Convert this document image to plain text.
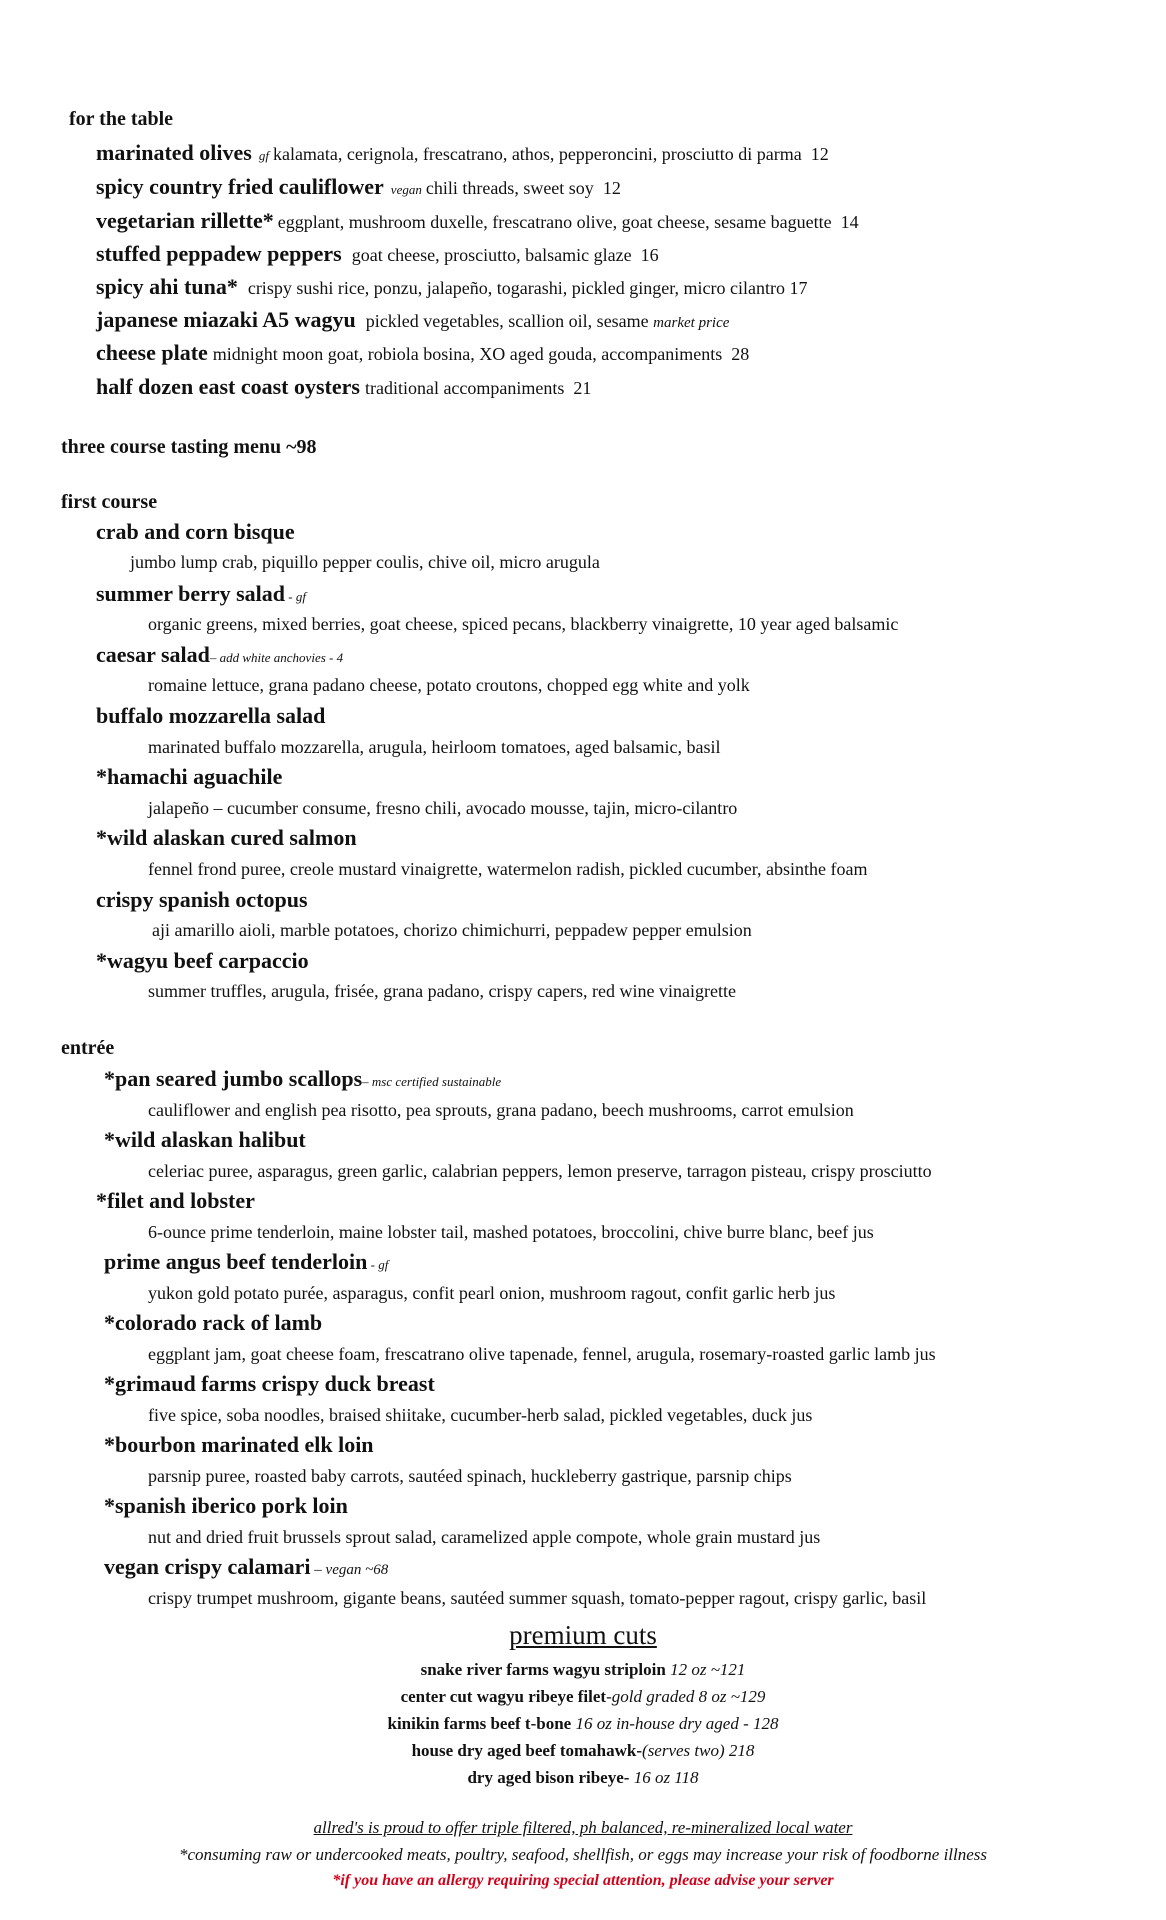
for the table
marinated olives gf kalamata, cerignola, frescatrano, athos, pepperoncini, prosciutto di parma 12
spicy country fried cauliflower vegan chili threads, sweet soy 12
vegetarian rillette* eggplant, mushroom duxelle, frescatrano olive, goat cheese, sesame baguette 14
stuffed peppadew peppers goat cheese, prosciutto, balsamic glaze 16
spicy ahi tuna* crispy sushi rice, ponzu, jalapeño, togarashi, pickled ginger, micro cilantro 17
japanese miazaki A5 wagyu pickled vegetables, scallion oil, sesame market price
cheese plate midnight moon goat, robiola bosina, XO aged gouda, accompaniments 28
half dozen east coast oysters traditional accompaniments 21
three course tasting menu ~98
first course
crab and corn bisque
jumbo lump crab, piquillo pepper coulis, chive oil, micro arugula
summer berry salad - gf
organic greens, mixed berries, goat cheese, spiced pecans, blackberry vinaigrette, 10 year aged balsamic
caesar salad– add white anchovies - 4
romaine lettuce, grana padano cheese, potato croutons, chopped egg white and yolk
buffalo mozzarella salad
marinated buffalo mozzarella, arugula, heirloom tomatoes, aged balsamic, basil
*hamachi aguachile
jalapeño – cucumber consume, fresno chili, avocado mousse, tajin, micro-cilantro
*wild alaskan cured salmon
fennel frond puree, creole mustard vinaigrette, watermelon radish, pickled cucumber, absinthe foam
crispy spanish octopus
aji amarillo aioli, marble potatoes, chorizo chimichurri, peppadew pepper emulsion
*wagyu beef carpaccio
summer truffles, arugula, frisée, grana padano, crispy capers, red wine vinaigrette
entrée
*pan seared jumbo scallops– msc certified sustainable
cauliflower and english pea risotto, pea sprouts, grana padano, beech mushrooms, carrot emulsion
*wild alaskan halibut
celeriac puree, asparagus, green garlic, calabrian peppers, lemon preserve, tarragon pisteau, crispy prosciutto
*filet and lobster
6-ounce prime tenderloin, maine lobster tail, mashed potatoes, broccolini, chive burre blanc, beef jus
prime angus beef tenderloin - gf
yukon gold potato purée, asparagus, confit pearl onion, mushroom ragout, confit garlic herb jus
*colorado rack of lamb
eggplant jam, goat cheese foam, frescatrano olive tapenade, fennel, arugula, rosemary-roasted garlic lamb jus
*grimaud farms crispy duck breast
five spice, soba noodles, braised shiitake, cucumber-herb salad, pickled vegetables, duck jus
*bourbon marinated elk loin
parsnip puree, roasted baby carrots, sautéed spinach, huckleberry gastrique, parsnip chips
*spanish iberico pork loin
nut and dried fruit brussels sprout salad, caramelized apple compote, whole grain mustard jus
vegan crispy calamari – vegan ~68
crispy trumpet mushroom, gigante beans, sautéed summer squash, tomato-pepper ragout, crispy garlic, basil
premium cuts
snake river farms wagyu striploin 12 oz ~121
center cut wagyu ribeye filet-gold graded 8 oz ~129
kinikin farms beef t-bone 16 oz in-house dry aged - 128
house dry aged beef tomahawk-(serves two) 218
dry aged bison ribeye- 16 oz 118
allred's is proud to offer triple filtered, ph balanced, re-mineralized local water
*consuming raw or undercooked meats, poultry, seafood, shellfish, or eggs may increase your risk of foodborne illness
*if you have an allergy requiring special attention, please advise your server
